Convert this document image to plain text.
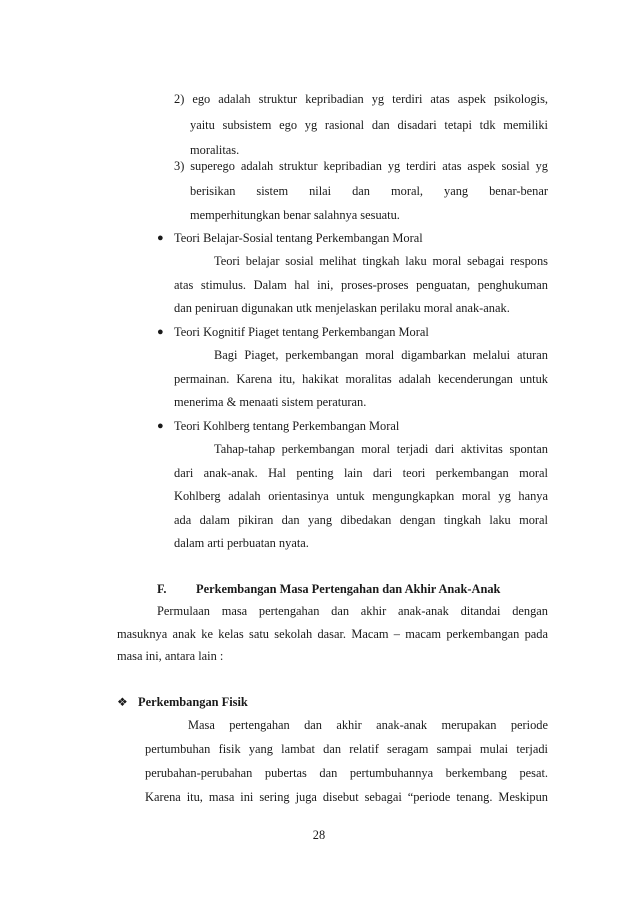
2) ego adalah struktur kepribadian yg terdiri atas aspek psikologis,
yaitu subsistem ego yg rasional dan disadari tetapi tdk memiliki
moralitas.
3) superego adalah struktur kepribadian yg terdiri atas aspek sosial yg
berisikan sistem nilai dan moral, yang benar-benar
memperhitungkan benar salahnya sesuatu.
● Teori Belajar-Sosial tentang Perkembangan Moral
Teori belajar sosial melihat tingkah laku moral sebagai respons
atas stimulus. Dalam hal ini, proses-proses penguatan, penghukuman
dan peniruan digunakan utk menjelaskan perilaku moral anak-anak.
● Teori Kognitif Piaget tentang Perkembangan Moral
Bagi Piaget, perkembangan moral digambarkan melalui aturan
permainan. Karena itu, hakikat moralitas adalah kecenderungan untuk
menerima & menaati sistem peraturan.
● Teori Kohlberg tentang Perkembangan Moral
Tahap-tahap perkembangan moral terjadi dari aktivitas spontan
dari anak-anak. Hal penting lain dari teori perkembangan moral
Kohlberg adalah orientasinya untuk mengungkapkan moral yg hanya
ada dalam pikiran dan yang dibedakan dengan tingkah laku moral
dalam arti perbuatan nyata.
F. Perkembangan Masa Pertengahan dan Akhir Anak-Anak
Permulaan masa pertengahan dan akhir anak-anak ditandai dengan
masuknya anak ke kelas satu sekolah dasar. Macam – macam perkembangan pada
masa ini, antara lain :
❖ Perkembangan Fisik
Masa pertengahan dan akhir anak-anak merupakan periode
pertumbuhan fisik yang lambat dan relatif seragam sampai mulai terjadi
perubahan-perubahan pubertas dan pertumbuhannya berkembang pesat.
Karena itu, masa ini sering juga disebut sebagai “periode tenang. Meskipun
28
